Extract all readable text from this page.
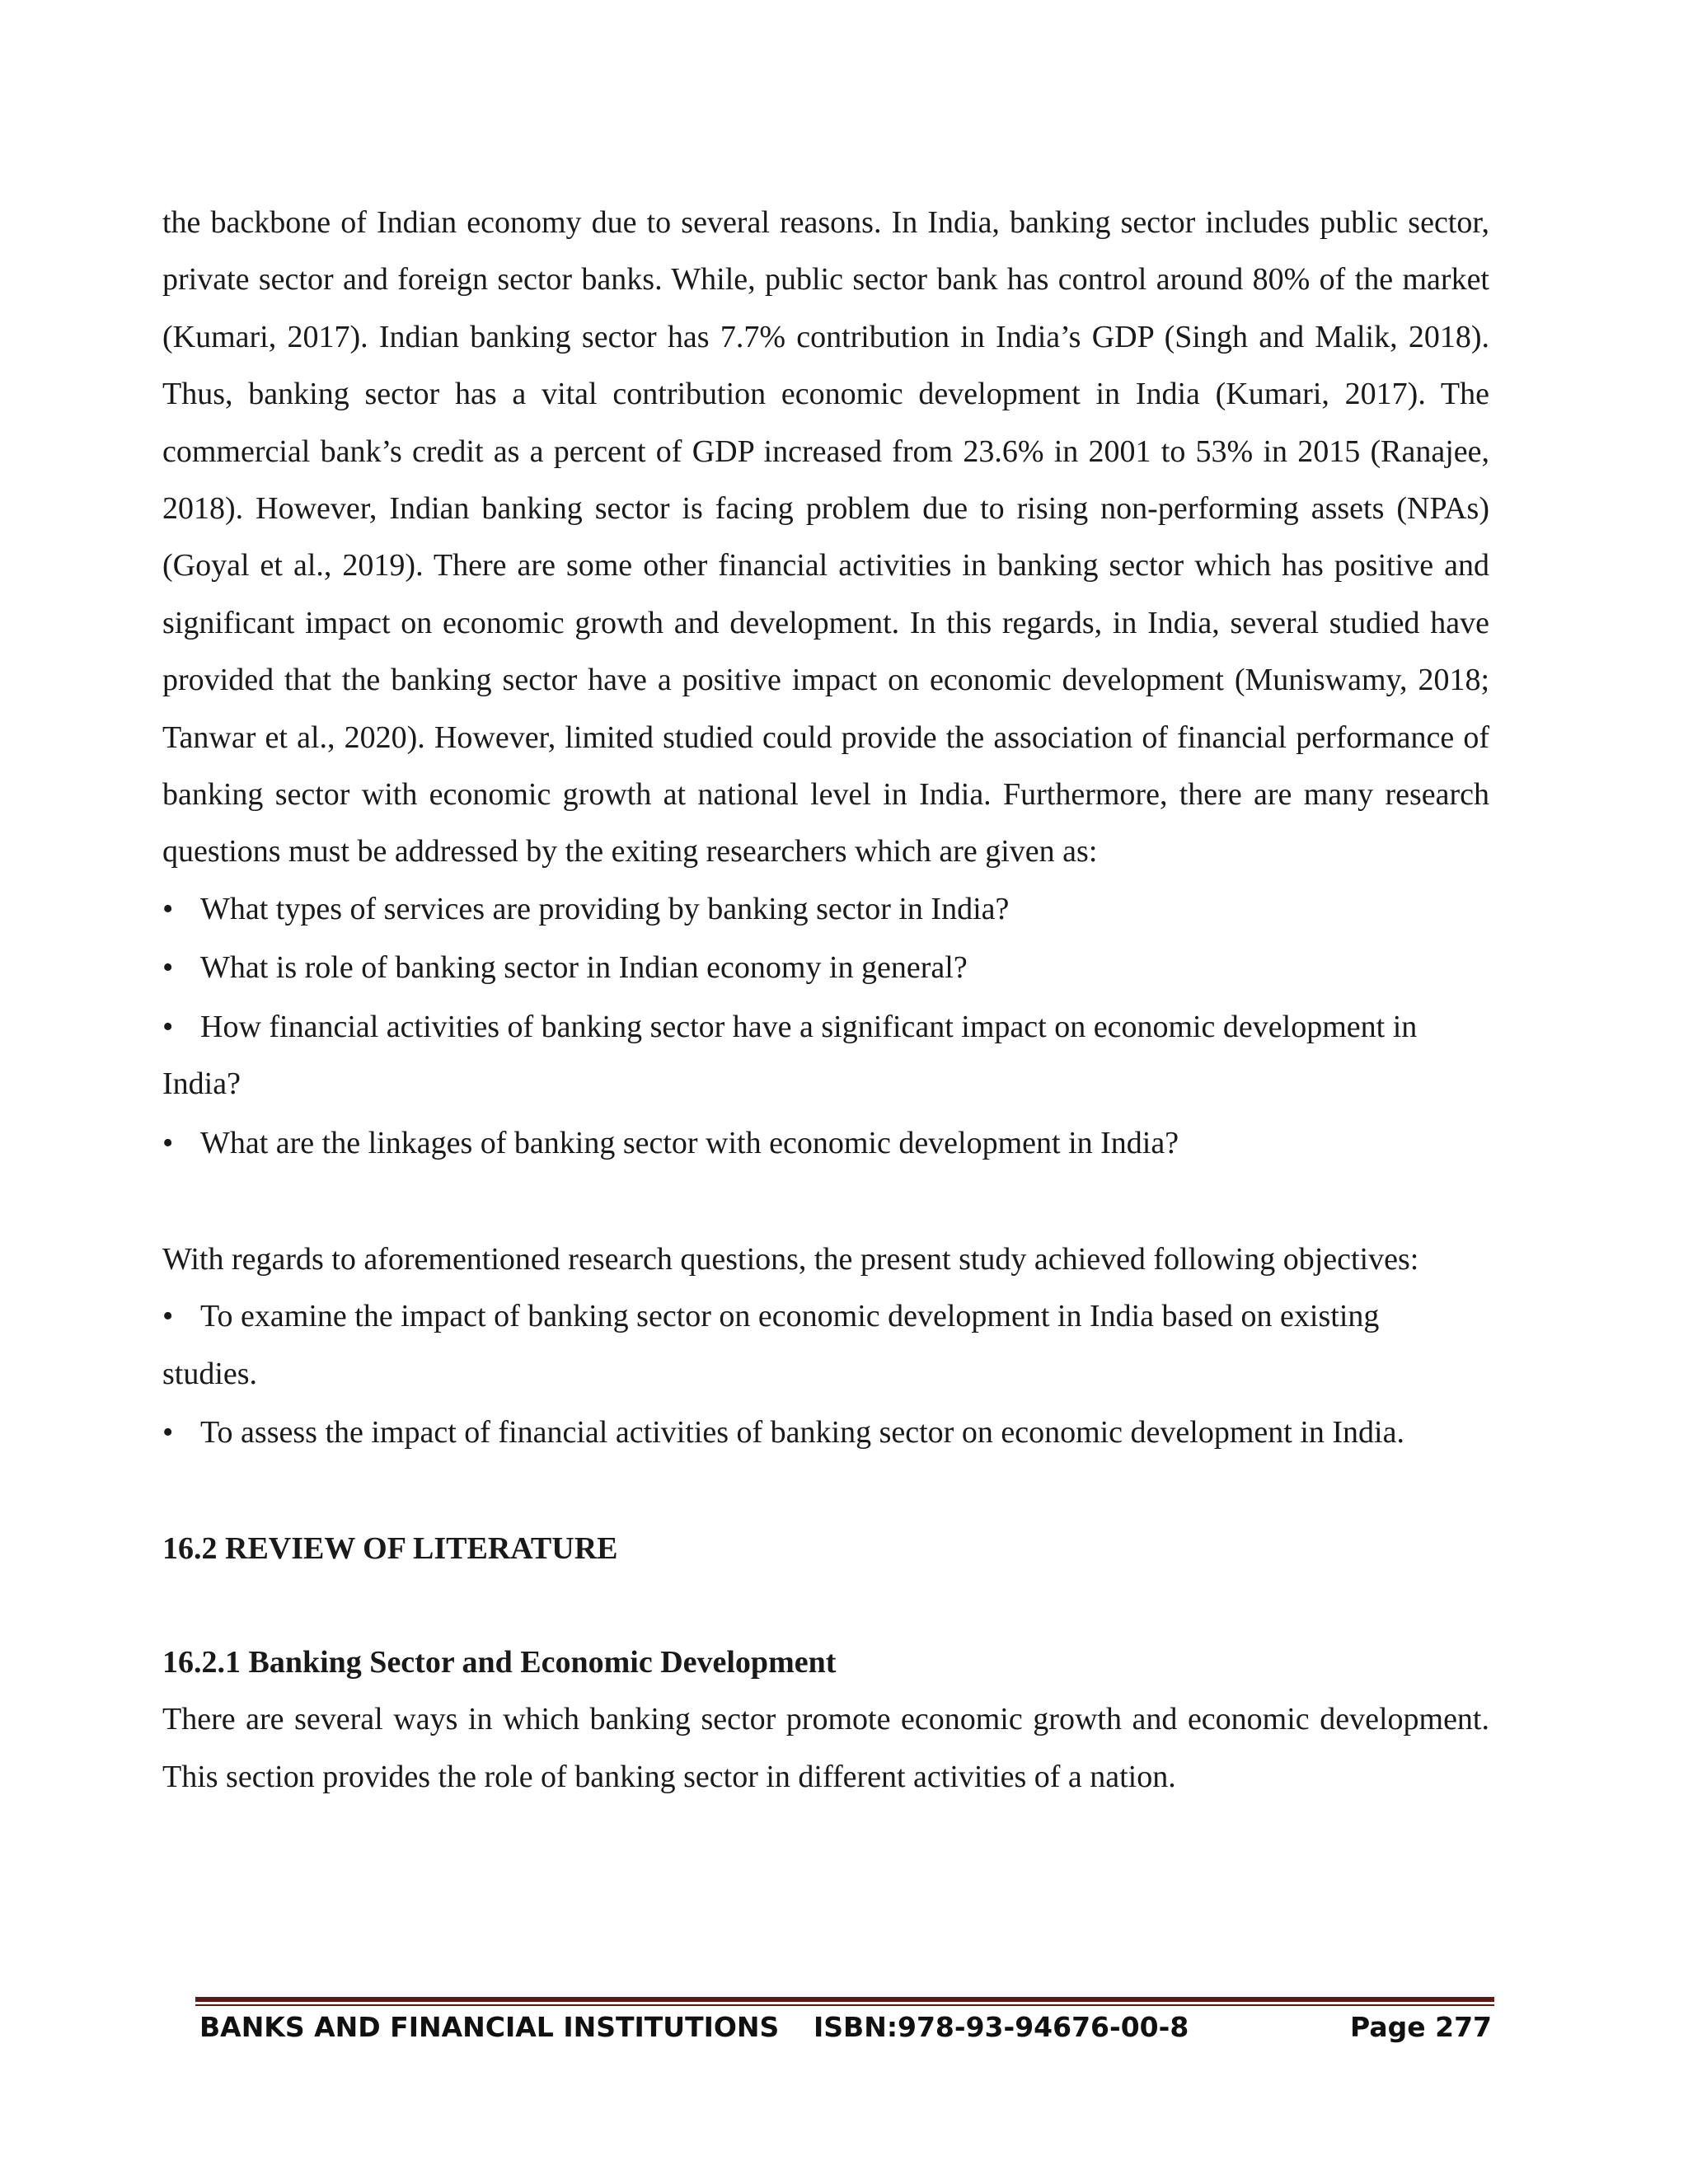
the backbone of Indian economy due to several reasons. In India, banking sector includes public sector, private sector and foreign sector banks. While, public sector bank has control around 80% of the market (Kumari, 2017). Indian banking sector has 7.7% contribution in India’s GDP (Singh and Malik, 2018). Thus, banking sector has a vital contribution economic development in India (Kumari, 2017). The commercial bank’s credit as a percent of GDP increased from 23.6% in 2001 to 53% in 2015 (Ranajee, 2018). However, Indian banking sector is facing problem due to rising non-performing assets (NPAs) (Goyal et al., 2019). There are some other financial activities in banking sector which has positive and significant impact on economic growth and development. In this regards, in India, several studied have provided that the banking sector have a positive impact on economic development (Muniswamy, 2018; Tanwar et al., 2020). However, limited studied could provide the association of financial performance of banking sector with economic growth at national level in India. Furthermore, there are many research questions must be addressed by the exiting researchers which are given as:

• What types of services are providing by banking sector in India?
• What is role of banking sector in Indian economy in general?
• How financial activities of banking sector have a significant impact on economic development in
India?
• What are the linkages of banking sector with economic development in India?

With regards to aforementioned research questions, the present study achieved following objectives:

• To examine the impact of banking sector on economic development in India based on existing
studies.
• To assess the impact of financial activities of banking sector on economic development in India.

16.2 REVIEW OF LITERATURE

16.2.1 Banking Sector and Economic Development

There are several ways in which banking sector promote economic growth and economic development. This section provides the role of banking sector in different activities of a nation.

BANKS AND FINANCIAL INSTITUTIONS ISBN:978-93-94676-00-8	Page 277
